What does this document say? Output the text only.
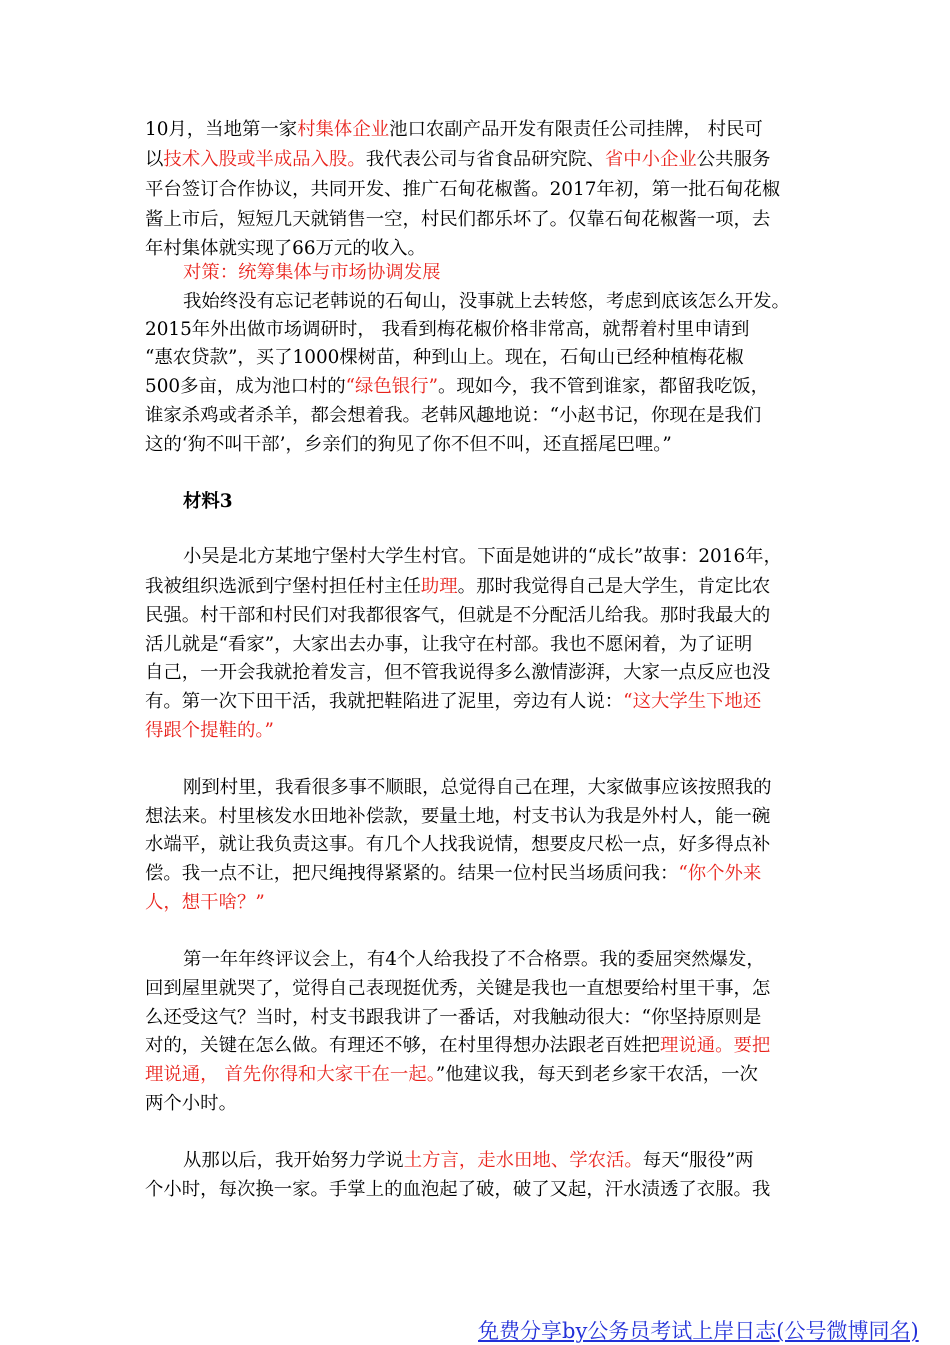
10月，当地第一家村集体企业池口农副产品开发有限责任公司挂牌， 村民可
以技术入股或半成品入股。我代表公司与省食品研究院、省中小企业公共服务
平台签订合作协议，共同开发、推广石甸花椒酱。2017年初，第一批石甸花椒
酱上市后，短短几天就销售一空，村民们都乐坏了。仅靠石甸花椒酱一项，去
年村集体就实现了66万元的收入。
对策：统筹集体与市场协调发展
我始终没有忘记老韩说的石甸山，没事就上去转悠，考虑到底该怎么开发。
2015年外出做市场调研时， 我看到梅花椒价格非常高，就帮着村里申请到
“惠农贷款”，买了1000棵树苗，种到山上。现在，石甸山已经种植梅花椒
500多亩，成为池口村的“绿色银行”。现如今，我不管到谁家，都留我吃饭，
谁家杀鸡或者杀羊，都会想着我。老韩风趣地说：“小赵书记，你现在是我们
这的‘狗不叫干部’，乡亲们的狗见了你不但不叫，还直摇尾巴哩。”
材料3
小吴是北方某地宁堡村大学生村官。下面是她讲的“成长”故事：2016年，
我被组织选派到宁堡村担任村主任助理。那时我觉得自己是大学生，肯定比农
民强。村干部和村民们对我都很客气，但就是不分配活儿给我。那时我最大的
活儿就是“看家”，大家出去办事，让我守在村部。我也不愿闲着，为了证明
自己，一开会我就抢着发言，但不管我说得多么激情澎湃，大家一点反应也没
有。第一次下田干活，我就把鞋陷进了泥里，旁边有人说：“这大学生下地还
得跟个提鞋的。”
刚到村里，我看很多事不顺眼，总觉得自己在理，大家做事应该按照我的
想法来。村里核发水田地补偿款，要量土地，村支书认为我是外村人，能一碗
水端平，就让我负责这事。有几个人找我说情，想要皮尺松一点，好多得点补
偿。我一点不让，把尺绳拽得紧紧的。结果一位村民当场质问我：“你个外来
人，想干啥？”
第一年年终评议会上，有4个人给我投了不合格票。我的委屈突然爆发，
回到屋里就哭了，觉得自己表现挺优秀，关键是我也一直想要给村里干事，怎
么还受这气？当时，村支书跟我讲了一番话，对我触动很大：“你坚持原则是
对的，关键在怎么做。有理还不够，在村里得想办法跟老百姓把理说通。要把
理说通， 首先你得和大家干在一起。”他建议我，每天到老乡家干农活，一次
两个小时。
从那以后，我开始努力学说土方言，走水田地、学农活。每天“服役”两
个小时，每次换一家。手掌上的血泡起了破，破了又起，汗水渍透了衣服。我
免费分享by公务员考试上岸日志(公号微博同名)
